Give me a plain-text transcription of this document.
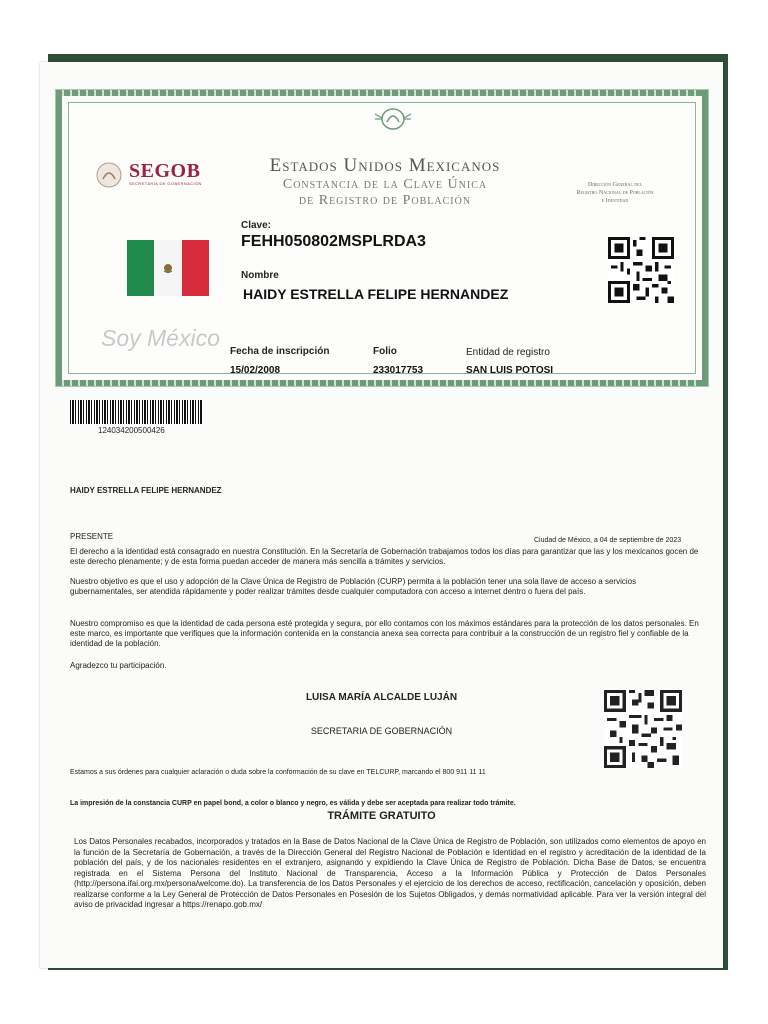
SEGOB
SECRETARÍA DE GOBERNACIÓN
Estados Unidos Mexicanos
Constancia de la Clave Única
de Registro de Población
Dirección General del
Registro Nacional de Población
e Identidad
Soy México
Clave:
FEHH050802MSPLRDA3
Nombre
HAIDY ESTRELLA FELIPE HERNANDEZ
Fecha de inscripción
15/02/2008
Folio
233017753
Entidad de registro
SAN LUIS POTOSI
124034200500426
HAIDY ESTRELLA FELIPE HERNANDEZ
PRESENTE	Ciudad de México, a 04 de septiembre de 2023
El derecho a la identidad está consagrado en nuestra Constitución. En la Secretaría de Gobernación trabajamos todos los días para garantizar que las y los mexicanos gocen de este derecho plenamente; y de esta forma puedan acceder de manera más sencilla a trámites y servicios.
Nuestro objetivo es que el uso y adopción de la Clave Única de Registro de Población (CURP) permita a la población tener una sola llave de acceso a servicios gubernamentales, ser atendida rápidamente y poder realizar trámites desde cualquier computadora con acceso a internet dentro o fuera del país.
Nuestro compromiso es que la identidad de cada persona esté protegida y segura, por ello contamos con los máximos estándares para la protección de los datos personales. En este marco, es importante que verifiques que la información contenida en la constancia anexa sea correcta para contribuir a la construcción de un registro fiel y confiable de la identidad de la población.
Agradezco tu participación.
LUISA MARÍA ALCALDE LUJÁN
SECRETARIA DE GOBERNACIÓN
Estamos a sus órdenes para cualquier aclaración o duda sobre la conformación de su clave en TELCURP, marcando el 800 911 11 11
La impresión de la constancia CURP en papel bond, a color o blanco y negro, es válida y debe ser aceptada para realizar todo trámite.
TRÁMITE GRATUITO
Los Datos Personales recabados, incorporados y tratados en la Base de Datos Nacional de la Clave Única de Registro de Población, son utilizados como elementos de apoyo en la función de la Secretaría de Gobernación, a través de la Dirección General del Registro Nacional de Población e Identidad en el registro y acreditación de la identidad de la población del país, y de los nacionales residentes en el extranjero, asignando y expidiendo la Clave Única de Registro de Población. Dicha Base de Datos, se encuentra registrada en el Sistema Persona del Instituto Nacional de Transparencia, Acceso a la Información Pública y Protección de Datos Personales (http://persona.ifai.org.mx/persona/welcome.do). La transferencia de los Datos Personales y el ejercicio de los derechos de acceso, rectificación, cancelación y oposición, deben realizarse conforme a la Ley General de Protección de Datos Personales en Posesión de los Sujetos Obligados, y demás normatividad aplicable. Para ver la versión integral del aviso de privacidad ingresar a https://renapo.gob.mx/
